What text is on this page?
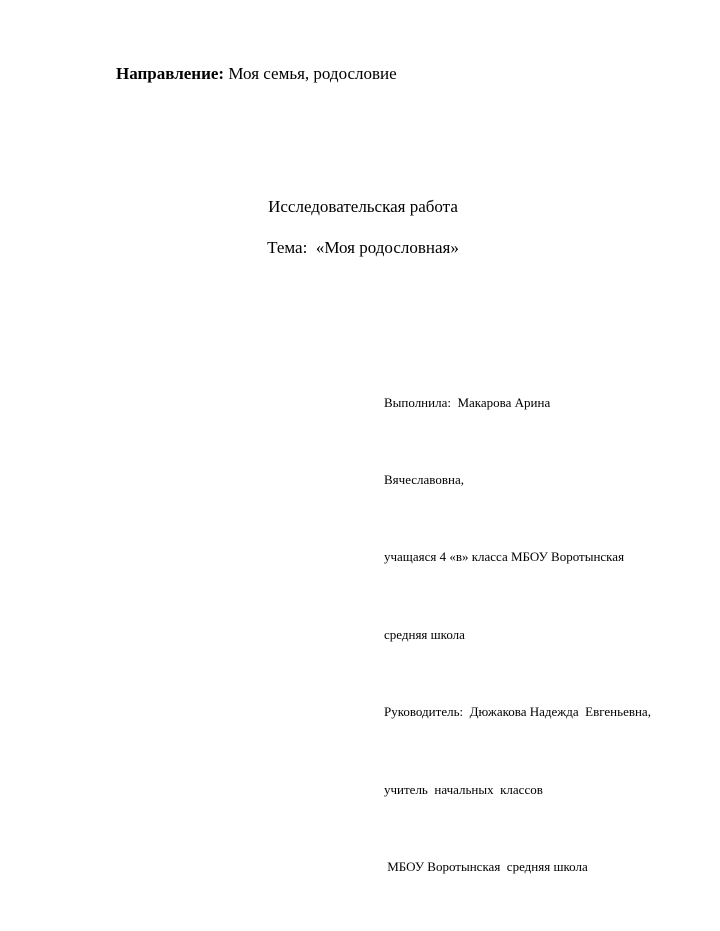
Направление: Моя семья, родословие
Исследовательская работа
Тема:  «Моя родословная»

Выполнила:  Макарова Арина

Вячеславовна,

учащаяся 4 «в» класса МБОУ Воротынская

средняя школа

Руководитель:  Дюжакова Надежда  Евгеньевна,

учитель  начальных  классов

МБОУ Воротынская  средняя школа
